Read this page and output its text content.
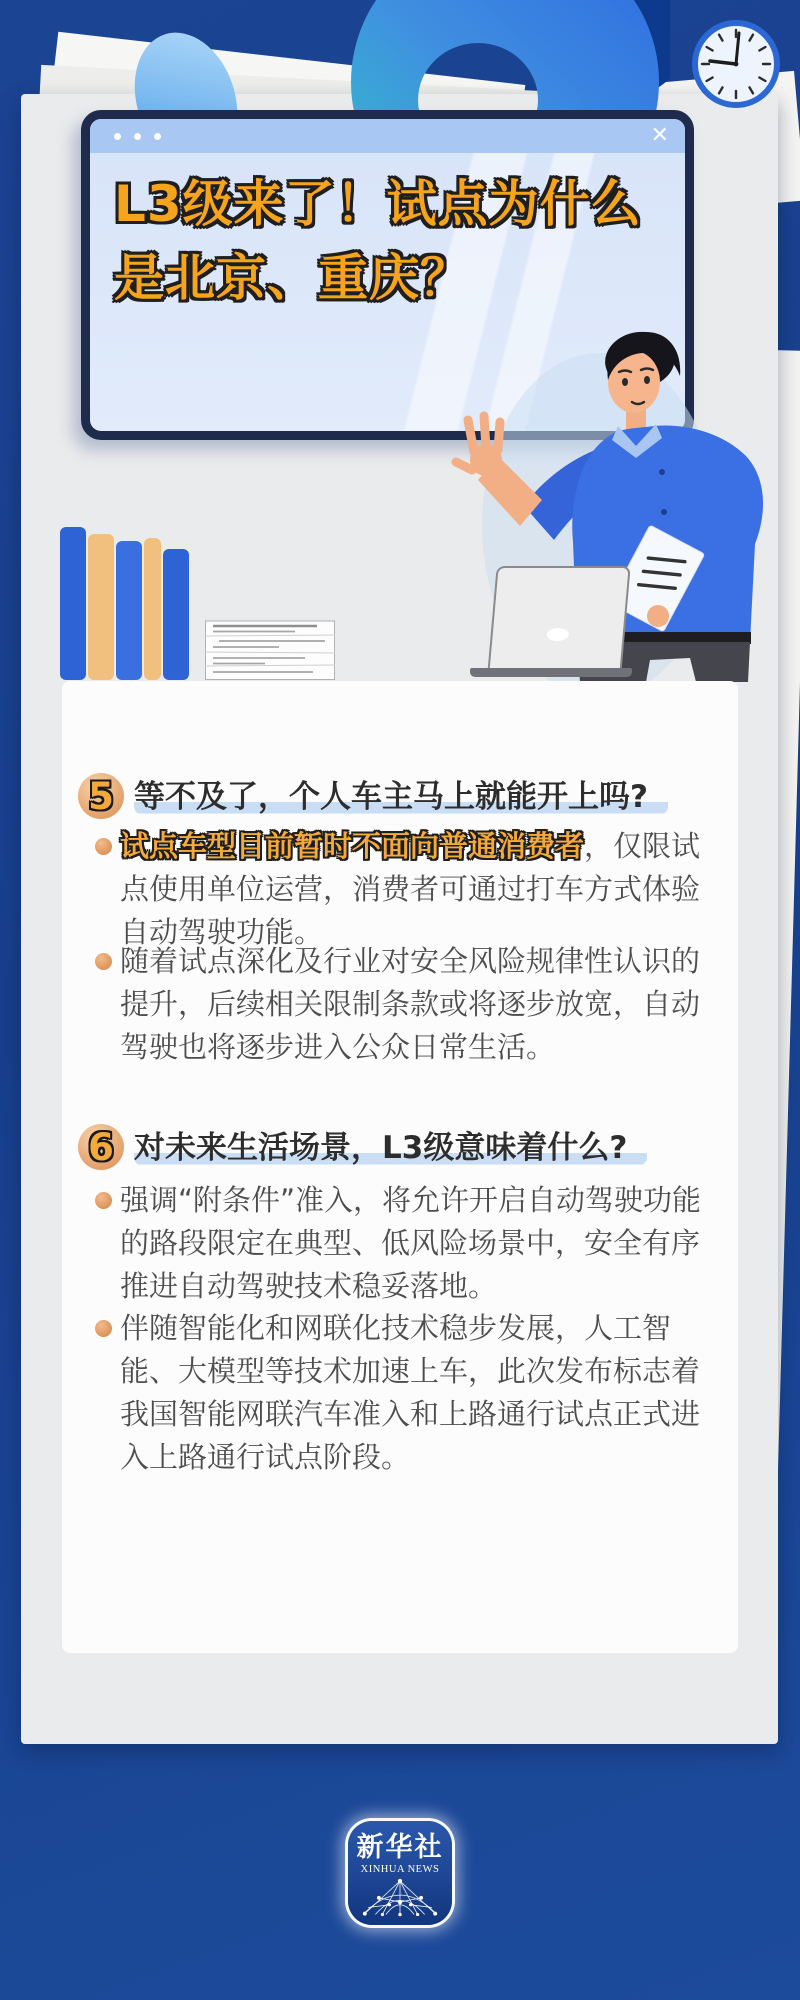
✕
L3级来了！试点为什么
是北京、重庆？
5 等不及了，个人车主马上就能开上吗?

试点车型目前暂时不面向普通消费者，仅限试点使用单位运营，消费者可通过打车方式体验自动驾驶功能。

随着试点深化及行业对安全风险规律性认识的提升，后续相关限制条款或将逐步放宽，自动驾驶也将逐步进入公众日常生活。

6 对未来生活场景，L3级意味着什么?

强调“附条件”准入，将允许开启自动驾驶功能的路段限定在典型、低风险场景中，安全有序推进自动驾驶技术稳妥落地。

伴随智能化和网联化技术稳步发展，人工智能、大模型等技术加速上车，此次发布标志着我国智能网联汽车准入和上路通行试点正式进入上路通行试点阶段。

新华社
XINHUA NEWS
